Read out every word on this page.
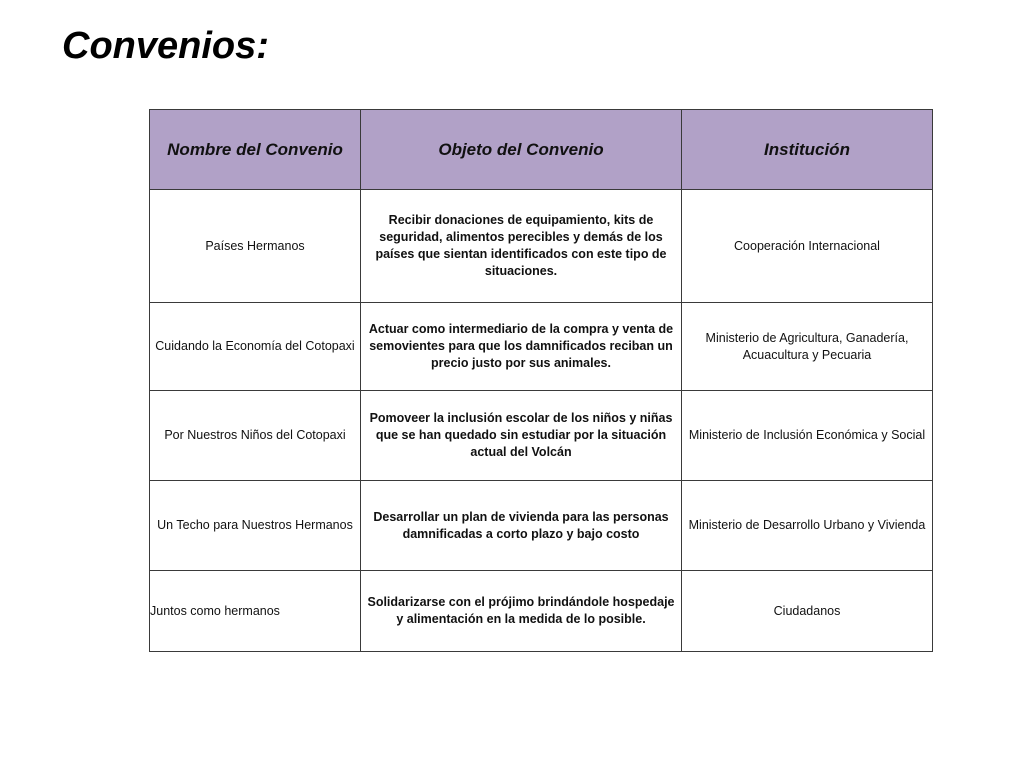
Convenios:
Nombre del Convenio	Objeto del Convenio	Institución
Países Hermanos	Recibir donaciones de equipamiento, kits de seguridad, alimentos perecibles y demás de los países que sientan identificados con este tipo de situaciones.	Cooperación Internacional
Cuidando la Economía del Cotopaxi	Actuar como intermediario de la compra y venta de semovientes para que los damnificados reciban un precio justo por sus animales.	Ministerio de Agricultura, Ganadería, Acuacultura y Pecuaria
Por Nuestros Niños del Cotopaxi	Pomoveer la inclusión escolar de los niños y niñas que se han quedado sin estudiar por la situación actual del Volcán	Ministerio de Inclusión Económica y Social
Un Techo para Nuestros Hermanos	Desarrollar un plan de vivienda para las personas damnificadas a corto plazo y bajo costo	Ministerio de Desarrollo Urbano y Vivienda
Juntos como hermanos	Solidarizarse con el prójimo brindándole hospedaje y alimentación en la medida de lo posible.	Ciudadanos
